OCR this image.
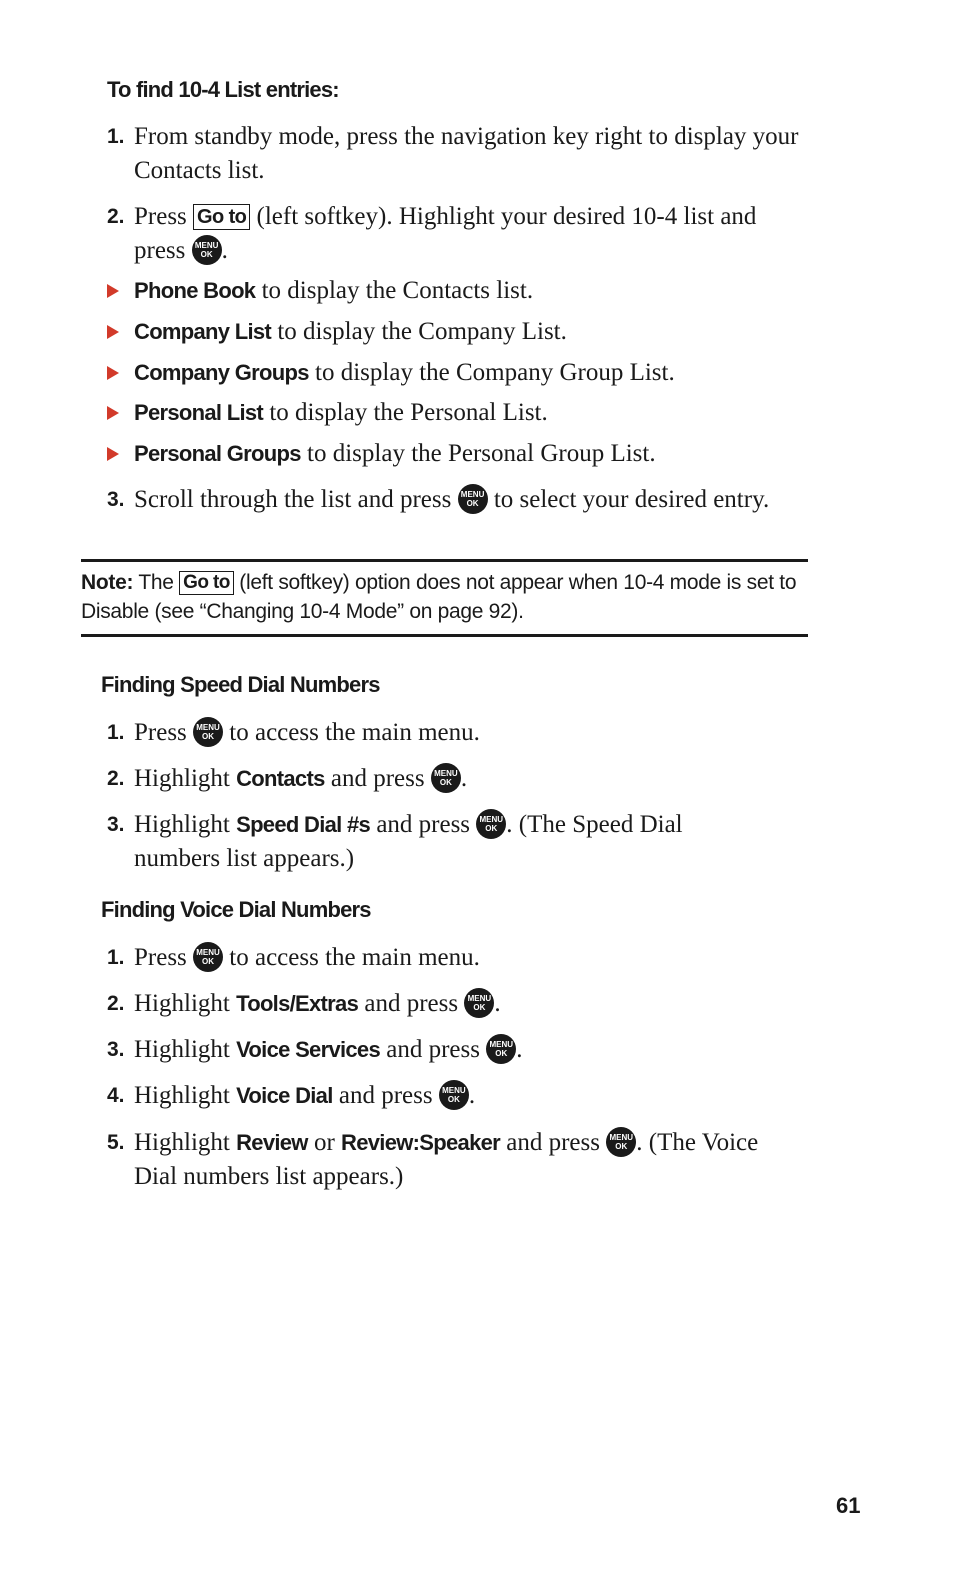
To find 10-4 List entries:
1. From standby mode, press the navigation key right to display your Contacts list.
2. Press Go to (left softkey). Highlight your desired 10-4 list and press MENU
OK .
Phone Book to display the Contacts list.
Company List to display the Company List.
Company Groups to display the Company Group List.
Personal List to display the Personal List.
Personal Groups to display the Personal Group List.
3. Scroll through the list and press MENU
OK to select your desired entry.
Note: The Go to (left softkey) option does not appear when 10-4 mode is set to Disable (see “Changing 10-4 Mode” on page 92).
Finding Speed Dial Numbers
1. Press MENU
OK to access the main menu.
2. Highlight Contacts and press MENU
OK .
3. Highlight Speed Dial #s and press MENU
OK . (The Speed Dial numbers list appears.)
Finding Voice Dial Numbers
1. Press MENU
OK to access the main menu.
2. Highlight Tools/Extras and press MENU
OK .
3. Highlight Voice Services and press MENU
OK .
4. Highlight Voice Dial and press MENU
OK .
5. Highlight Review or Review:Speaker and press MENU
OK . (The Voice Dial numbers list appears.)
61
